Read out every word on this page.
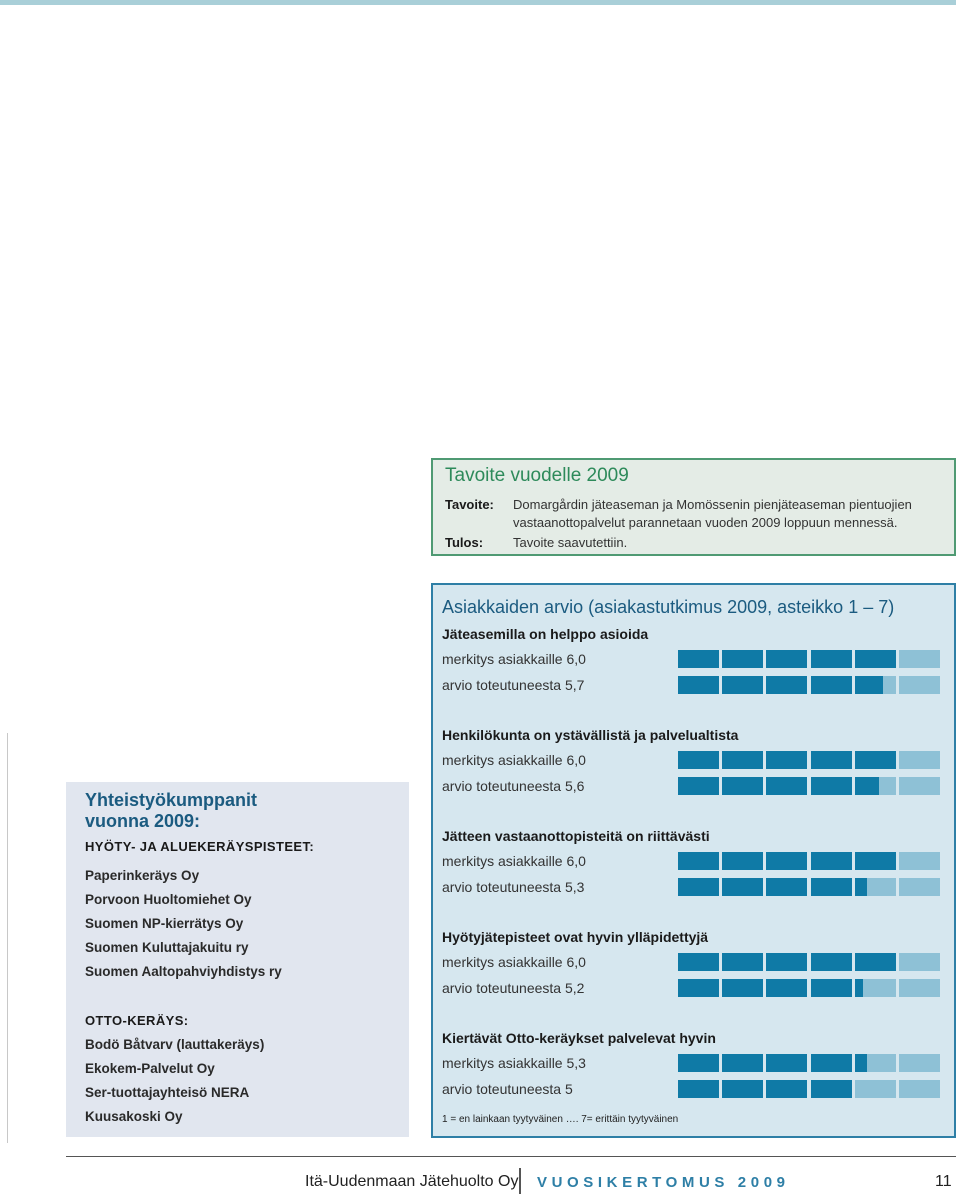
Tavoite vuodelle 2009
Tavoite: Domargårdin jäteaseman ja Momössenin pienjäteaseman pientuojien
vastaanottopalvelut parannetaan vuoden 2009 loppuun mennessä.
Tulos: Tavoite saavutettiin.
Asiakkaiden arvio (asiakastutkimus 2009, asteikko 1 – 7)
1 = en lainkaan tyytyväinen …. 7= erittäin tyytyväinen
Jäteasemilla on helppo asioida
merkitys asiakkaille 6,0
arvio toteutuneesta 5,7
Henkilökunta on ystävällistä ja palvelualtista
merkitys asiakkaille 6,0
arvio toteutuneesta 5,6
Jätteen vastaanottopisteitä on riittävästi
merkitys asiakkaille 6,0
arvio toteutuneesta 5,3
Hyötyjätepisteet ovat hyvin ylläpidettyjä
merkitys asiakkaille 6,0
arvio toteutuneesta 5,2
Kiertävät Otto-keräykset palvelevat hyvin
merkitys asiakkaille 5,3
arvio toteutuneesta 5
Yhteistyökumppanit
vuonna 2009:
HYÖTY- JA ALUEKERÄYSPISTEET:
OTTO-KERÄYS:
Paperinkeräys Oy
Porvoon Huoltomiehet Oy
Suomen NP-kierrätys Oy
Suomen Kuluttajakuitu ry
Suomen Aaltopahviyhdistys ry
Bodö Båtvarv (lauttakeräys)
Ekokem-Palvelut Oy
Ser-tuottajayhteisö NERA
Kuusakoski Oy
Itä-Uudenmaan Jätehuolto Oy VUOSIKERTOMUS 2009	11
